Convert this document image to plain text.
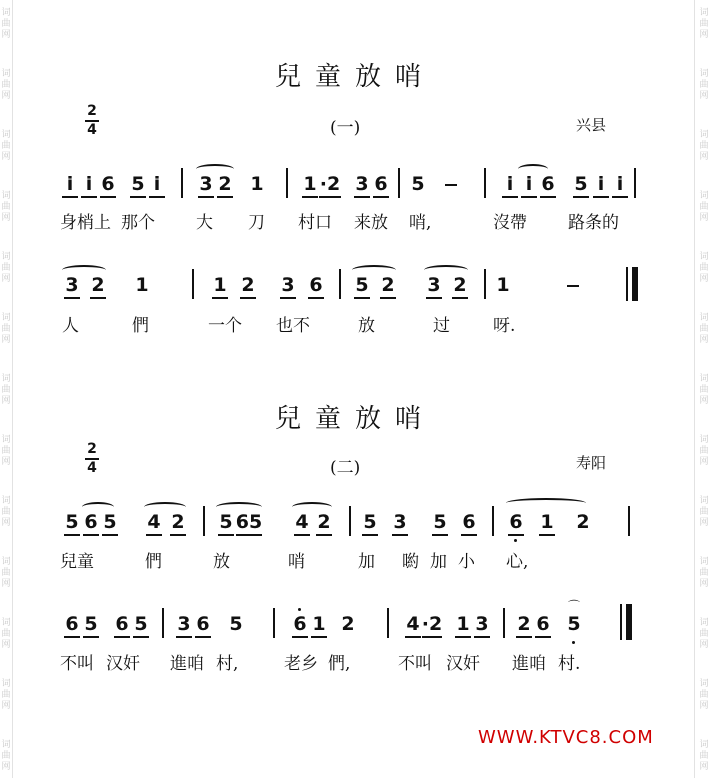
词
曲
网
词
曲
网
词
曲
网
词
曲
网
词
曲
网
词
曲
网
词
曲
网
词
曲
网
词
曲
网
词
曲
网
词
曲
网
词
曲
网
词
曲
网
词
曲
网
词
曲
网
词
曲
网
词
曲
网
词
曲
网
词
曲
网
词
曲
网
词
曲
网
词
曲
网
词
曲
网
词
曲
网
词
曲
网
词
曲
网
兒童放哨
2
4	(一)	兴县
i i 6 5 i	3 2 1 1 ·2 3 6 5	i i 6 5 i i
身梢上 那个 大 刀 村口 来放 哨,	沒帶 路条的
3 2 1	1 2 3 6 5 2 3 2 1
人	們	一个 也不	放	过	呀.
兒童放哨
2
4	(二)	寿阳
5 6 5 4 2 5 65 4 2 5 3 5 6 6 1 2
兒童	們	放	哨	加 喲 加 小 心,
6 5 6 5 3 6 5	6 1 2	4 ·2 1 3 2 6
⌒
5
不叫 汉奸 進咱 村,	老乡 們,	不叫 汉奸 進咱 村.
WWW.KTVC8.COM
